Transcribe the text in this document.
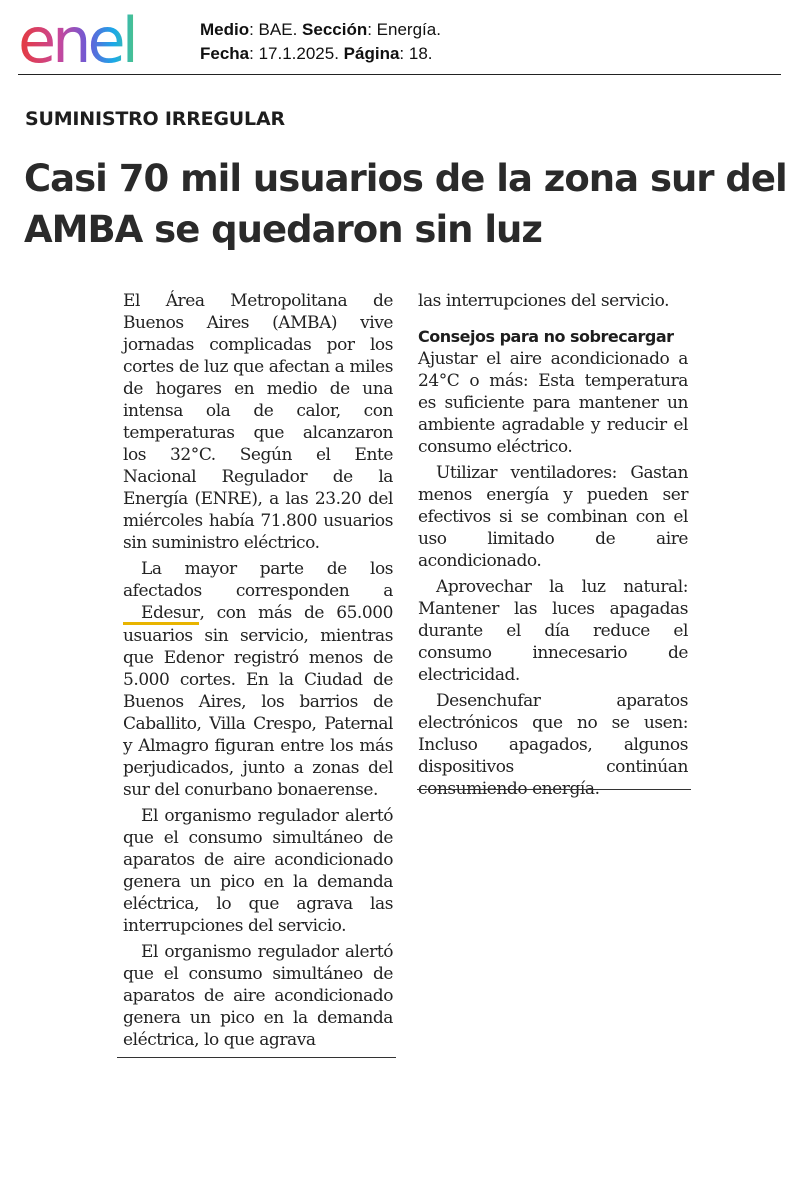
enel	Medio: BAE. Sección: Energía.
Fecha: 17.1.2025. Página: 18.
SUMINISTRO IRREGULAR
Casi 70 mil usuarios de la zona sur del AMBA se quedaron sin luz

El Área Metropolitana de Buenos Aires (AMBA) vive jornadas complicadas por los cortes de luz que afectan a miles de hogares en medio de una intensa ola de calor, con temperaturas que alcanzaron los 32°C. Según el Ente Nacional Regulador de la Energía (ENRE), a las 23.20 del miércoles había 71.800 usuarios sin suministro eléctrico.

La mayor parte de los afectados corresponden a Edesur, con más de 65.000 usuarios sin servicio, mientras que Edenor registró menos de 5.000 cortes. En la Ciudad de Buenos Aires, los barrios de Caballito, Villa Crespo, Paternal y Almagro figuran entre los más perjudicados, junto a zonas del sur del conurbano bonaerense.

El organismo regulador alertó que el consumo simultáneo de aparatos de aire acondicionado genera un pico en la demanda eléctrica, lo que agrava las interrupciones del servicio.

El organismo regulador alertó que el consumo simultáneo de aparatos de aire acondicionado genera un pico en la demanda eléctrica, lo que agrava

las interrupciones del servicio.

Consejos para no sobrecargar

Ajustar el aire acondicionado a 24°C o más: Esta temperatura es suficiente para mantener un ambiente agradable y reducir el consumo eléctrico.

Utilizar ventiladores: Gastan menos energía y pueden ser efectivos si se combinan con el uso limitado de aire acondicionado.

Aprovechar la luz natural: Mantener las luces apagadas durante el día reduce el consumo innecesario de electricidad.

Desenchufar aparatos electrónicos que no se usen: Incluso apagados, algunos dispositivos continúan consumiendo energía.
